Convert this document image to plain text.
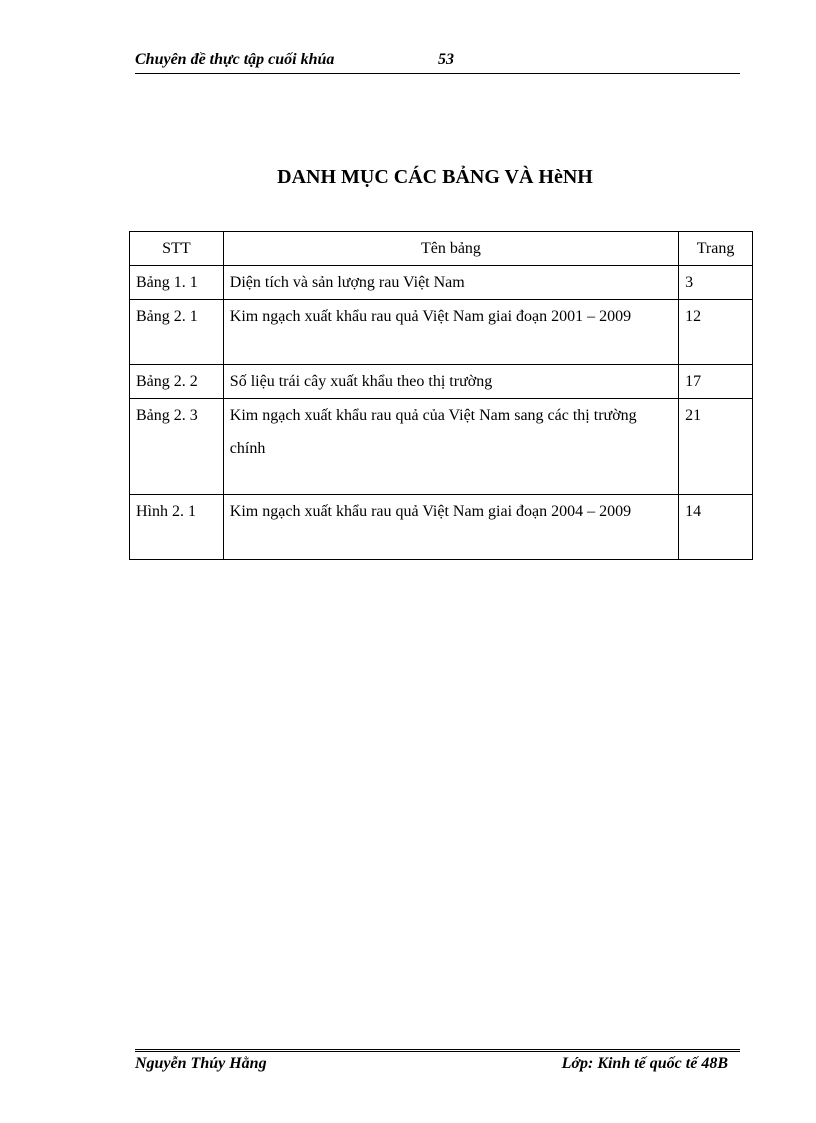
Chuyên đề thực tập cuối khúa	53
DANH MỤC CÁC BẢNG VÀ HèNH
STT	Tên bảng	Trang
Bảng 1. 1	Diện tích và sản lượng rau Việt Nam	3
Bảng 2. 1	Kim ngạch xuất khẩu rau quả Việt Nam giai đoạn 2001 – 2009	12
Bảng 2. 2	Số liệu trái cây xuất khẩu theo thị trường	17
Bảng 2. 3	Kim ngạch xuất khẩu rau quả của Việt Nam sang các thị trường chính	21
Hình 2. 1	Kim ngạch xuất khẩu rau quả Việt Nam giai đoạn 2004 – 2009	14
Nguyễn Thúy Hằng	Lớp: Kinh tế quốc tế 48B
